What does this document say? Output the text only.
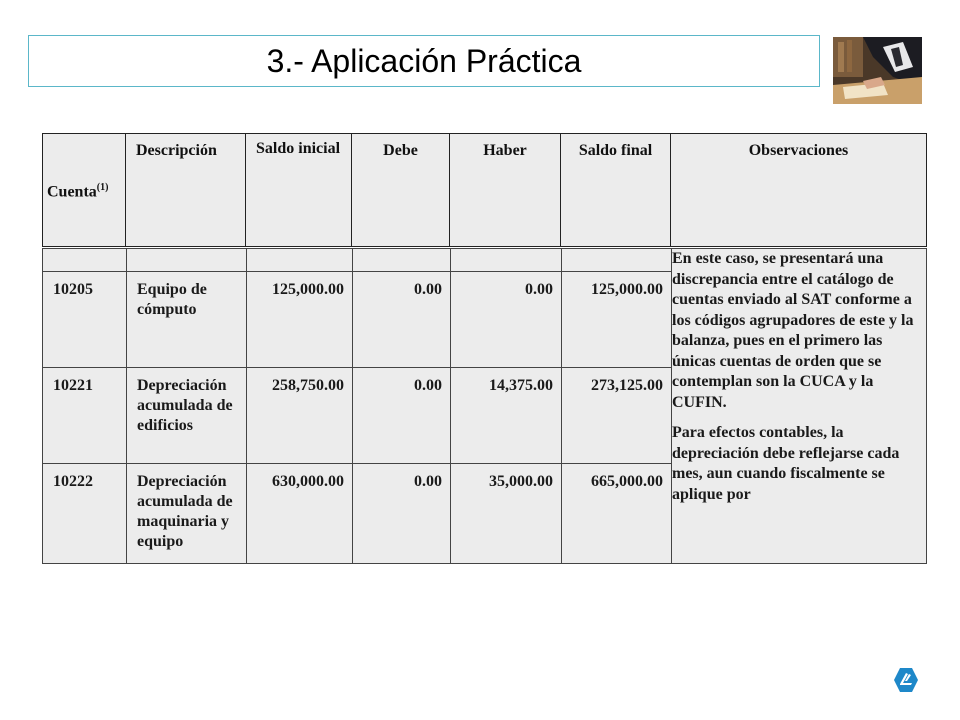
3.- Aplicación Práctica
Cuenta$^{(1)}$	Descripción	Saldo inicial	Debe	Haber	Saldo final	Observaciones

						En este caso, se presentará una discrepancia entre el catálogo de cuentas enviado al SAT conforme a los códigos agrupadores de este y la balanza, pues en el primero las únicas cuentas de orden que se contemplan son la CUCA y la CUFIN.

Para efectos contables, la depreciación debe reflejarse cada mes, aun cuando fiscalmente se aplique por

10205	Equipo de cómputo	125,000.00	0.00	0.00	125,000.00	
10221	Depreciación acumulada de edificios	258,750.00	0.00	14,375.00	273,125.00	
10222	Depreciación acumulada de maquinaria y equipo	630,000.00	0.00	35,000.00	665,000.00	
